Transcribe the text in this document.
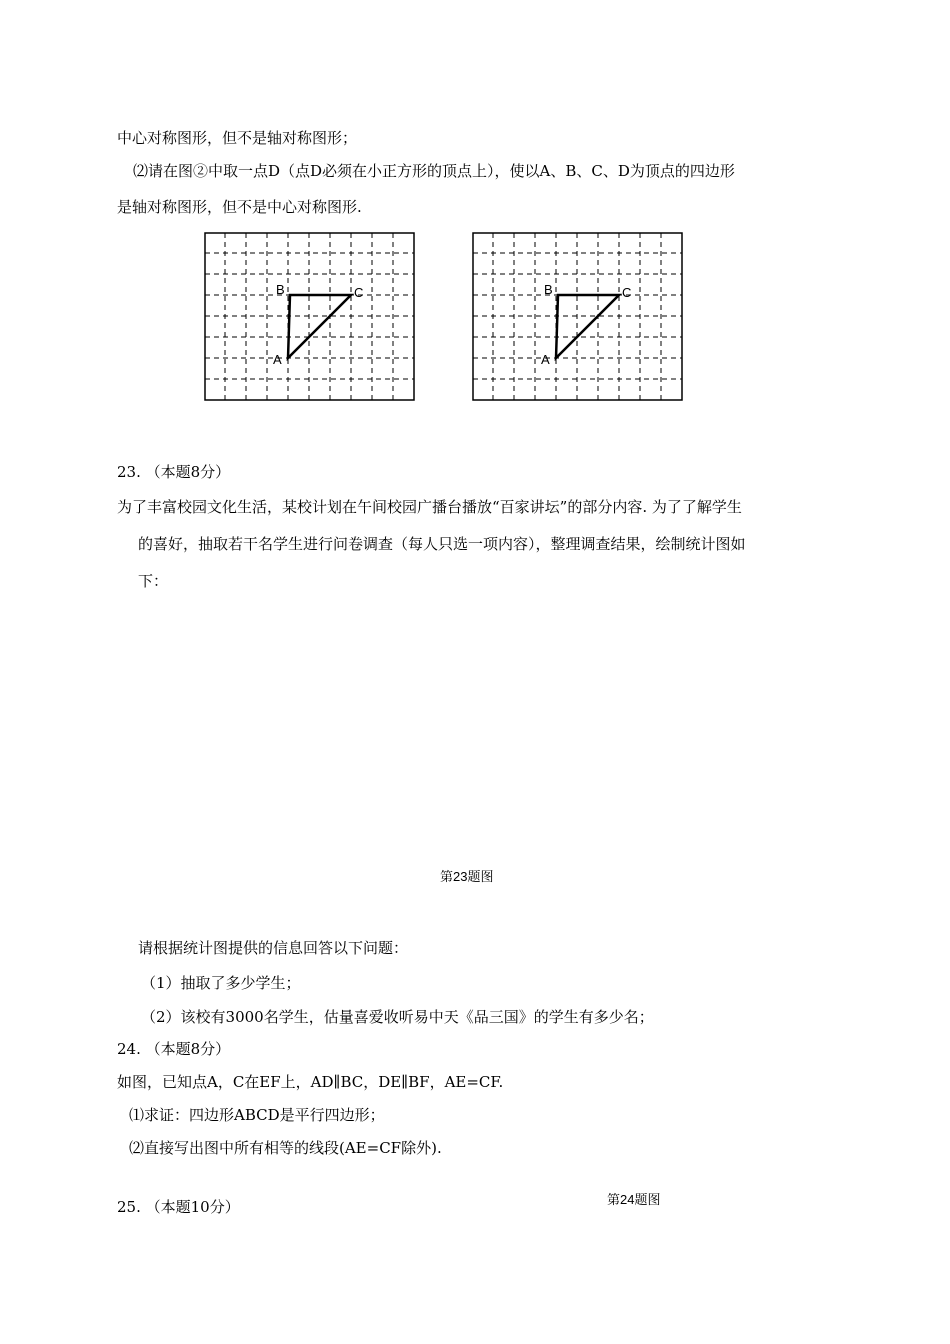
中心对称图形，但不是轴对称图形；
⑵请在图②中取一点D（点D必须在小正方形的顶点上），使以A、B、C、D为顶点的四边形
是轴对称图形，但不是中心对称图形.
B	C
A
B	C
A
23. （本题8分）
为了丰富校园文化生活，某校计划在午间校园广播台播放“百家讲坛”的部分内容. 为了了解学生
的喜好，抽取若干名学生进行问卷调查（每人只选一项内容），整理调查结果，绘制统计图如
下：
第23题图
请根据统计图提供的信息回答以下问题：
（1）抽取了多少学生；
（2）该校有3000名学生，估量喜爱收听易中天《品三国》的学生有多少名；
24. （本题8分）
如图，已知点A，C在EF上，AD∥BC，DE∥BF，AE=CF.
⑴求证：四边形ABCD是平行四边形；
⑵直接写出图中所有相等的线段(AE=CF除外).
第24题图
25. （本题10分）
